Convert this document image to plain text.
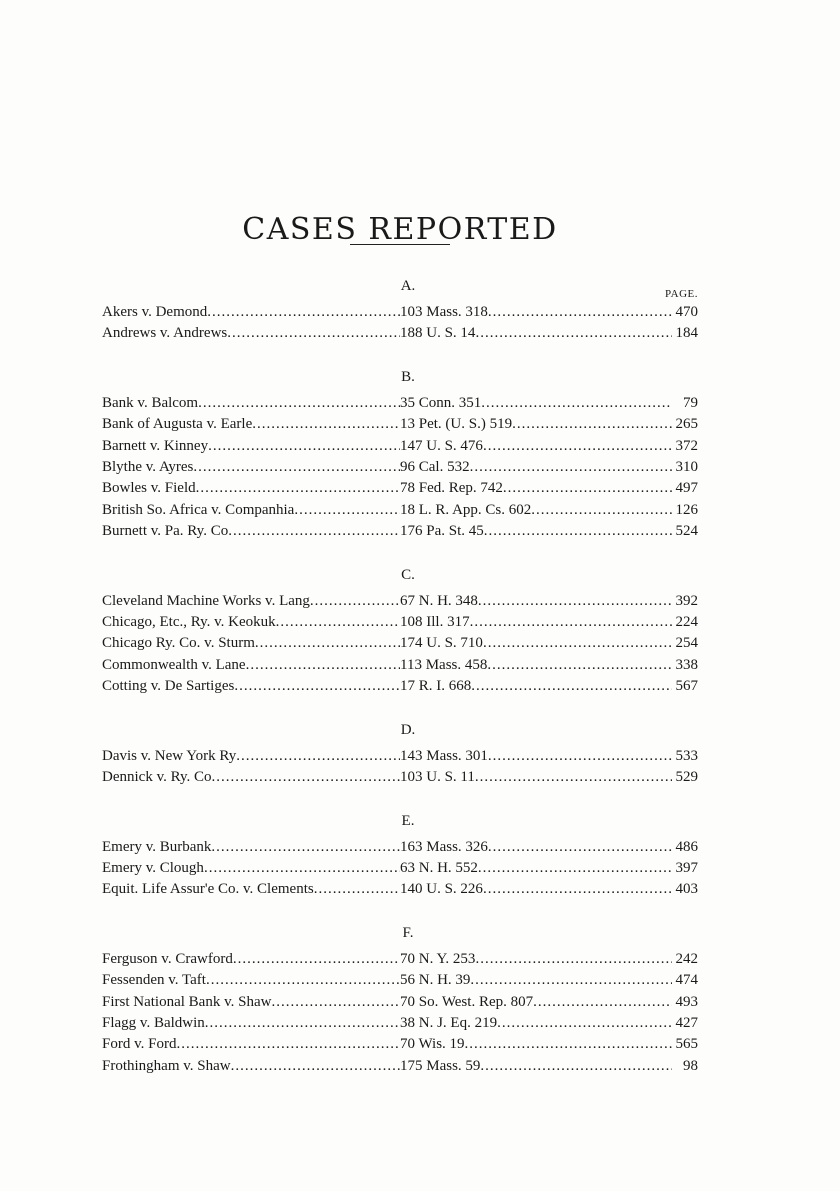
CASES REPORTED
A.	PAGE.
Akers v. Demond .....	103 Mass. 318 .....	470
Andrews v. Andrews .....	188 U. S. 14 .....	184
B.
Bank v. Balcom .....	35 Conn. 351 .....	79
Bank of Augusta v. Earle .....	13 Pet. (U. S.) 519 .....	265
Barnett v. Kinney .....	147 U. S. 476 .....	372
Blythe v. Ayres .....	96 Cal. 532 .....	310
Bowles v. Field .....	78 Fed. Rep. 742 .....	497
British So. Africa v. Companhia .....	18 L. R. App. Cs. 602 .....	126
Burnett v. Pa. Ry. Co .....	176 Pa. St. 45 .....	524
C.
Cleveland Machine Works v. Lang .....	67 N. H. 348 .....	392
Chicago, Etc., Ry. v. Keokuk .....	108 Ill. 317 .....	224
Chicago Ry. Co. v. Sturm .....	174 U. S. 710 .....	254
Commonwealth v. Lane .....	113 Mass. 458 .....	338
Cotting v. De Sartiges .....	17 R. I. 668 .....	567
D.
Davis v. New York Ry .....	143 Mass. 301 .....	533
Dennick v. Ry. Co .....	103 U. S. 11 .....	529
E.
Emery v. Burbank .....	163 Mass. 326 .....	486
Emery v. Clough .....	63 N. H. 552 .....	397
Equit. Life Assur'e Co. v. Clements .....	140 U. S. 226 .....	403
F.
Ferguson v. Crawford .....	70 N. Y. 253 .....	242
Fessenden v. Taft .....	56 N. H. 39 .....	474
First National Bank v. Shaw .....	70 So. West. Rep. 807 .....	493
Flagg v. Baldwin .....	38 N. J. Eq. 219 .....	427
Ford v. Ford .....	70 Wis. 19 .....	565
Frothingham v. Shaw .....	175 Mass. 59 .....	98
